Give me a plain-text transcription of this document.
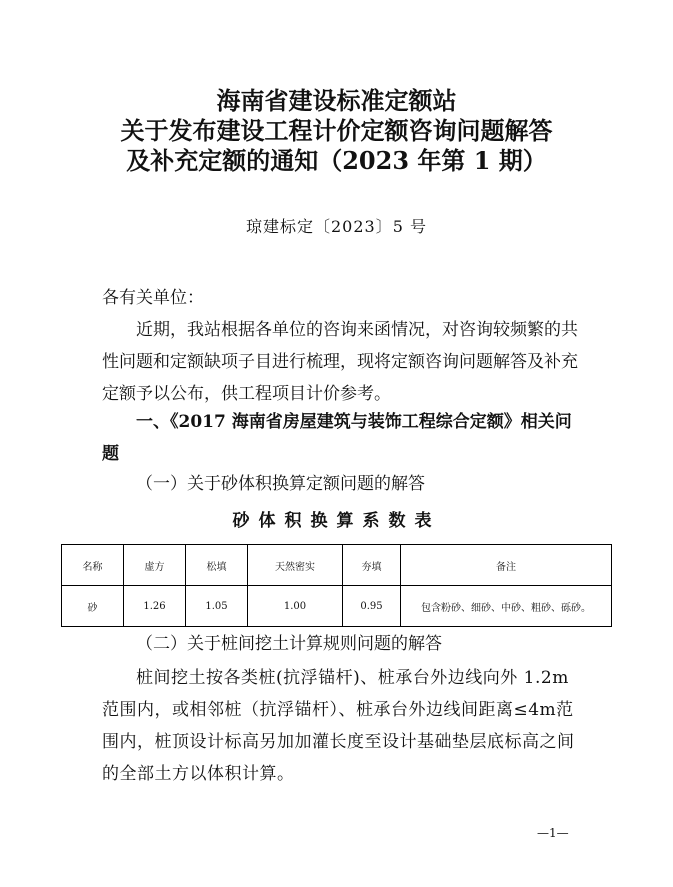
海南省建设标准定额站
关于发布建设工程计价定额咨询问题解答
及补充定额的通知（2023 年第 1 期）
琼建标定〔2023〕5 号
各有关单位：
近期，我站根据各单位的咨询来函情况，对咨询较频繁的共性问题和定额缺项子目进行梳理，现将定额咨询问题解答及补充定额予以公布，供工程项目计价参考。
一、《2017 海南省房屋建筑与装饰工程综合定额》相关问题
（一）关于砂体积换算定额问题的解答
砂体积换算系数表
名称	虚方	松填	天然密实	夯填	备注
砂	1.26	1.05	1.00	0.95	包含粉砂、细砂、中砂、粗砂、砾砂。
（二）关于桩间挖土计算规则问题的解答
桩间挖土按各类桩(抗浮锚杆)、桩承台外边线向外 1.2m 范围内，或相邻桩（抗浮锚杆）、桩承台外边线间距离≤4m范围内，桩顶设计标高另加加灌长度至设计基础垫层底标高之间的全部土方以体积计算。
—1—
